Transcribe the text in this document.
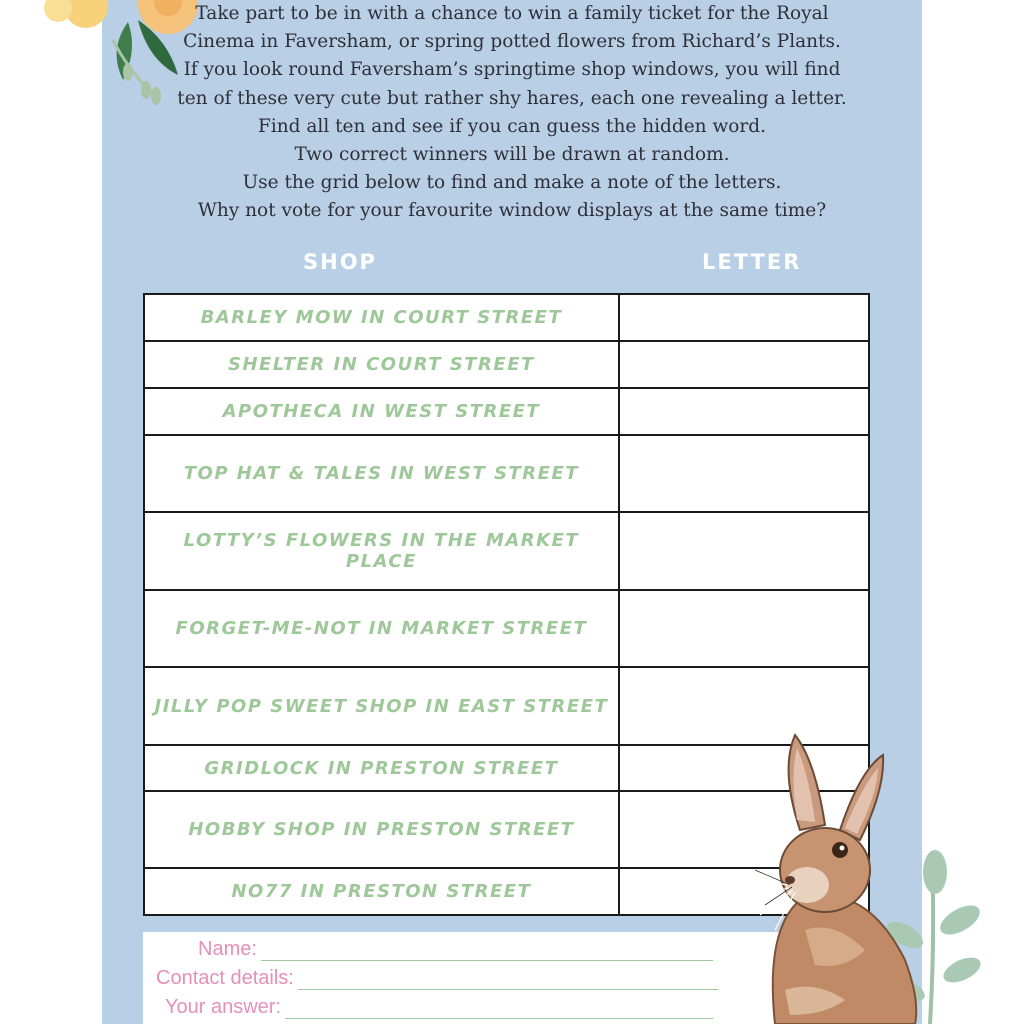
Take part to be in with a chance to win a family ticket for the Royal

Cinema in Faversham, or spring potted flowers from Richard’s Plants.

If you look round Faversham’s springtime shop windows, you will find

ten of these very cute but rather shy hares, each one revealing a letter.

Find all ten and see if you can guess the hidden word.

Two correct winners will be drawn at random.

Use the grid below to find and make a note of the letters.

Why not vote for your favourite window displays at the same time?

SHOP	LETTER
BARLEY MOW IN COURT STREET	
SHELTER IN COURT STREET	
APOTHECA IN WEST STREET	
TOP HAT & TALES IN WEST STREET	
LOTTY’S FLOWERS IN THE MARKET PLACE	
FORGET-ME-NOT IN MARKET STREET	
JILLY POP SWEET SHOP IN EAST STREET	
GRIDLOCK IN PRESTON STREET	
HOBBY SHOP IN PRESTON STREET	
NO77 IN PRESTON STREET	
Name:
Contact details:
Your answer:
